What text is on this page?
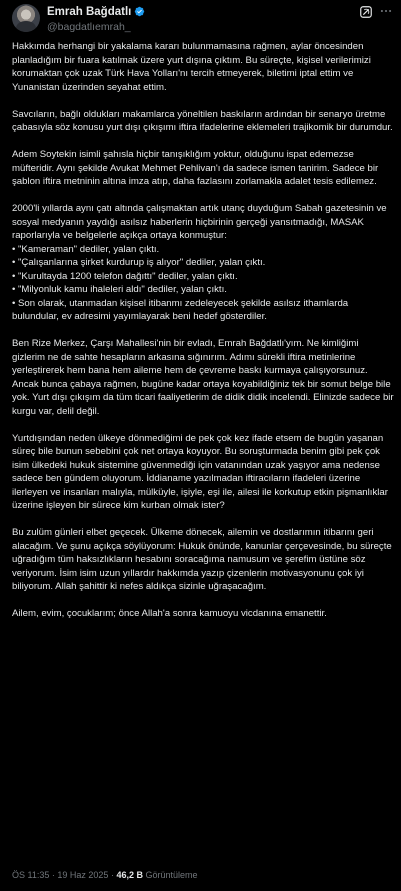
Emrah Bağdatlı
@bagdatlıemrah_

Hakkımda herhangi bir yakalama kararı bulunmamasına rağmen, aylar öncesinden planladığım bir fuara katılmak üzere yurt dışına çıktım. Bu süreçte, kişisel verilerimizi korumaktan çok uzak Türk Hava Yolları'nı tercih etmeyerek, biletimi iptal ettim ve Yunanistan üzerinden seyahat ettim.

Savcıların, bağlı oldukları makamlarca yöneltilen baskıların ardından bir senaryo üretme çabasıyla söz konusu yurt dışı çıkışımı iftira ifadelerine eklemeleri trajikomik bir durumdur.

Adem Soytekin isimli şahısla hiçbir tanışıklığım yoktur, olduğunu ispat edemezse müfteridir. Aynı şekilde Avukat Mehmet Pehlivan'ı da sadece ismen tanirim. Sadece bir şablon iftira metninin altına imza atıp, daha fazlasını zorlamakla adalet tesis edilemez.

2000'li yıllarda aynı çatı altında çalışmaktan artık utanç duyduğum Sabah gazetesinin ve sosyal medyanın yaydığı asılsız haberlerin hiçbirinin gerçeği yansıtmadığı, MASAK raporlarıyla ve belgelerle açıkça ortaya konmuştur:
• "Kameraman" dediler, yalan çıktı.
• "Çalışanlarına şirket kurdurup iş alıyor" dediler, yalan çıktı.
• "Kurultayda 1200 telefon dağıttı" dediler, yalan çıktı.
• "Milyonluk kamu ihaleleri aldı" dediler, yalan çıktı.
• Son olarak, utanmadan kişisel itibanmı zedeleyecek şekilde asılsız ithamlarda bulundular, ev adresimi yayımlayarak beni hedef gösterdiler.

Ben Rize Merkez, Çarşı Mahallesi'nin bir evladı, Emrah Bağdatlı'yım. Ne kimliğimi gizlerim ne de sahte hesapların arkasına sığınırım. Adımı sürekli iftira metinlerine yerleştirerek hem bana hem aileme hem de çevreme baskı kurmaya çalışıyorsunuz. Ancak bunca çabaya rağmen, bugüne kadar ortaya koyabildiğiniz tek bir somut belge bile yok. Yurt dışı çıkışım da tüm ticari faaliyetlerim de didik didik incelendi. Elinizde sadece bir kurgu var, delil değil.

Yurtdışından neden ülkeye dönmediğimi de pek çok kez ifade etsem de bugün yaşanan süreç bile bunun sebebini çok net ortaya koyuyor. Bu soruşturmada benim gibi pek çok isim ülkedeki hukuk sistemine güvenmediği için vatanından uzak yaşıyor ama nedense sadece ben gündem oluyorum. İddianame yazılmadan iftiracıların ifadeleri üzerine ilerleyen ve insanları malıyla, mülküyle, işiyle, eşi ile, ailesi ile korkutup etkin pişmanlıklar üzerine işleyen bir sürece kim kurban olmak ister?

Bu zulüm günleri elbet geçecek. Ülkeme dönecek, ailemin ve dostlarımın itibarını geri alacağım. Ve şunu açıkça söylüyorum: Hukuk önünde, kanunlar çerçevesinde, bu süreçte uğradığım tüm haksızlıkların hesabını soracağıma namusum ve şerefim üstüne söz veriyorum. İsim isim uzun yıllardır hakkımda yazıp çizenlerin motivasyonunu çok iyi biliyorum. Allah şahittir ki nefes aldıkça sizinle uğraşacağım.

Ailem, evim, çocuklarım; önce Allah'a sonra kamuoyu vicdanına emanettir.

ÖS 11:35 · 19 Haz 2025 · 46,2 B Görüntüleme
